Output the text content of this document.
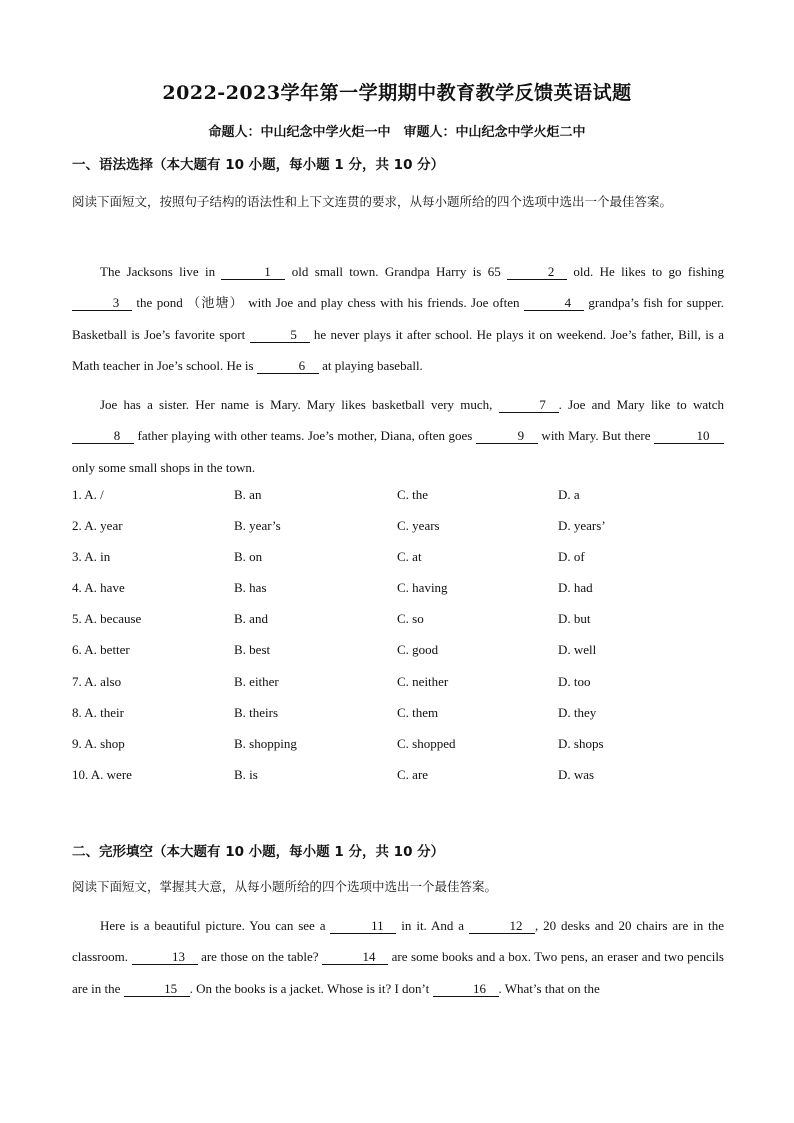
2022-2023学年第一学期期中教育教学反馈英语试题
命题人：中山纪念中学火炬一中　审题人：中山纪念中学火炬二中
一、语法选择（本大题有 10 小题，每小题 1 分，共 10 分）
阅读下面短文，按照句子结构的语法性和上下文连贯的要求，从每小题所给的四个选项中选出一个最佳答案。
The Jacksons live in	1 old small town. Grandpa Harry is 65	2 old. He likes to go fishing 3 the pond （池塘） with Joe and play chess with his friends. Joe often	4 grandpa’s fish for supper. Basketball is Joe’s favorite sport	5 he never plays it after school. He plays it on weekend. Joe’s father, Bill, is a Math teacher in Joe’s school. He is	6 at playing baseball.
Joe has a sister. Her name is Mary. Mary likes basketball very much,	7 . Joe and Mary like to watch 8 father playing with other teams. Joe’s mother, Diana, often goes	9 with Mary. But there	10 only some small shops in the town.
1. A. /	B. an	C. the	D. a
2. A. year	B. year’s	C. years	D. years’
3. A. in	B. on	C. at	D. of
4. A. have	B. has	C. having	D. had
5. A. because	B. and	C. so	D. but
6. A. better	B. best	C. good	D. well
7. A. also	B. either	C. neither	D. too
8. A. their	B. theirs	C. them	D. they
9. A. shop	B. shopping	C. shopped	D. shops
10. A. were	B. is	C. are	D. was
二、完形填空（本大题有 10 小题，每小题 1 分，共 10 分）
阅读下面短文，掌握其大意，从每小题所给的四个选项中选出一个最佳答案。
Here is a beautiful picture. You can see a	11 in it. And a	12 , 20 desks and 20 chairs are in the classroom.	13 are those on the table?	14 are some books and a box. Two pens, an eraser and two pencils are in the	15 . On the books is a jacket. Whose is it? I don’t	16 . What’s that on the
